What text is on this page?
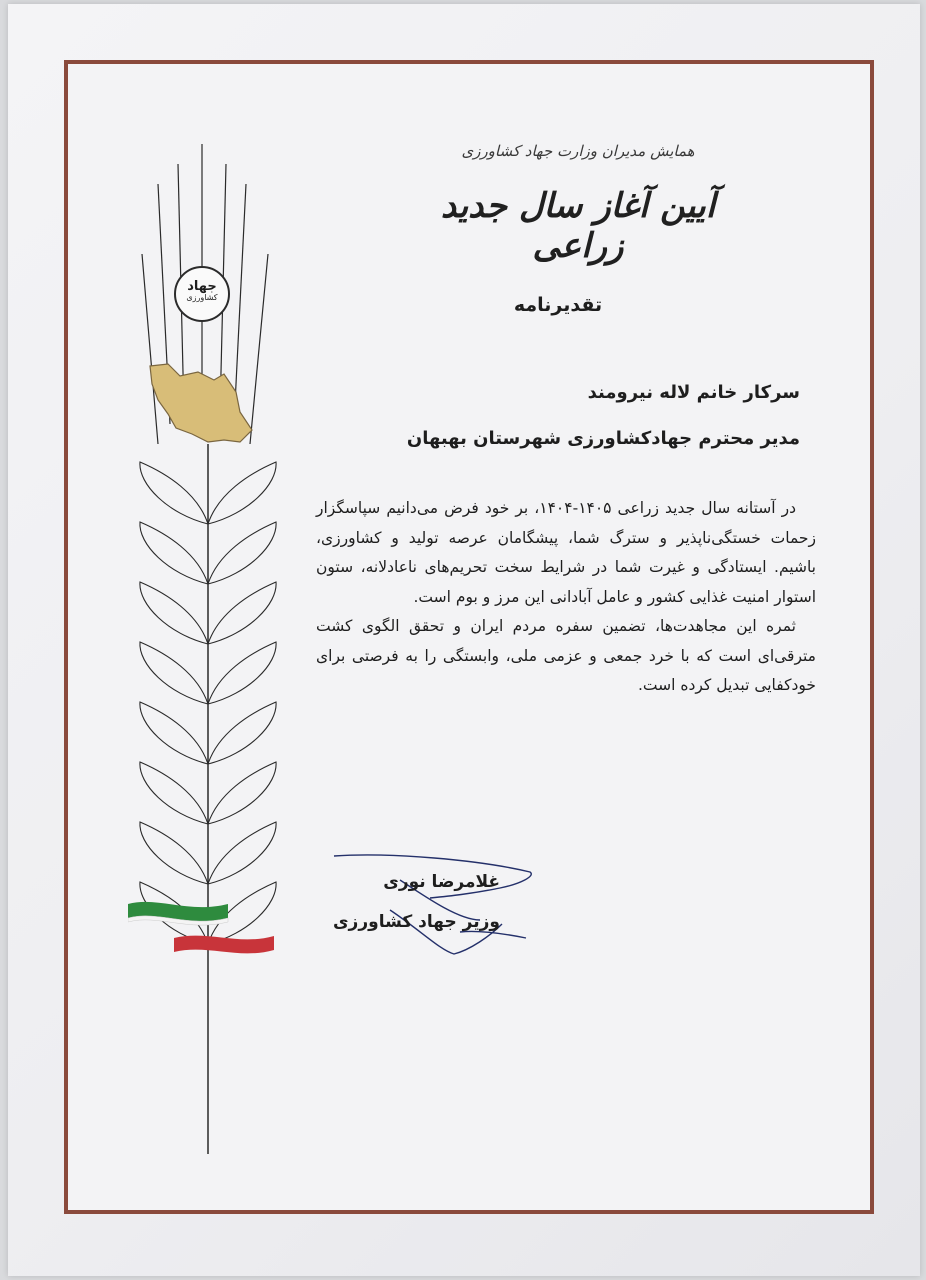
همایش مدیران وزارت جهاد کشاورزی
آیین آغاز سال جدید زراعی
تقدیرنامه
سرکار خانم لاله نیرومند
مدیر محترم جهادکشاورزی شهرستان بهبهان

در آستانه سال جدید زراعی ۱۴۰۵-۱۴۰۴، بر خود فرض می‌دانیم سپاسگزار زحمات خستگی‌ناپذیر و سترگ شما، پیشگامان عرصه تولید و کشاورزی، باشیم. ایستادگی و غیرت شما در شرایط سخت تحریم‌های ناعادلانه، ستون استوار امنیت غذایی کشور و عامل آبادانی این مرز و بوم است.

ثمره این مجاهدت‌ها، تضمین سفره مردم ایران و تحقق الگوی کشت مترقی‌ای است که با خرد جمعی و عزمی ملی، وابستگی را به فرصتی برای خودکفایی تبدیل کرده است.

غلامرضا نوری
وزیر جهاد کشاورزی
جهاد
کشاورزی
